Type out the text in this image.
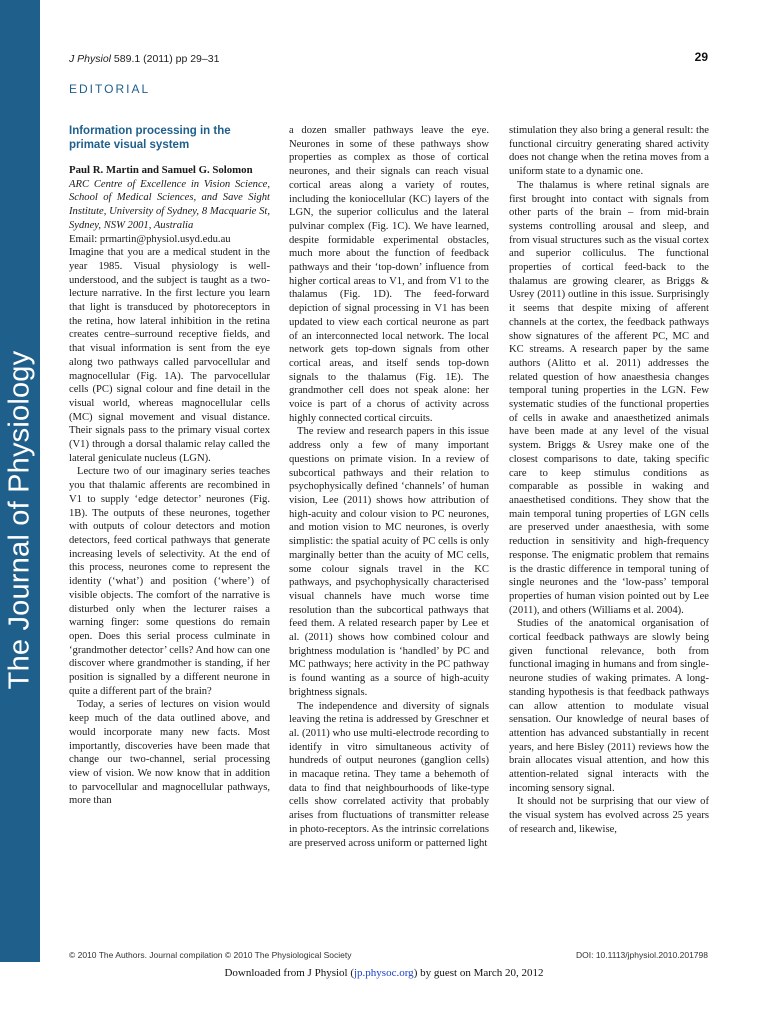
The Journal of Physiology
J Physiol 589.1 (2011) pp 29–31	29
EDITORIAL
Information processing in the primate visual system

Paul R. Martin and Samuel G. Solomon

ARC Centre of Excellence in Vision Science, School of Medical Sciences, and Save Sight Institute, University of Sydney, 8 Macquarie St, Sydney, NSW 2001, Australia

Email: prmartin@physiol.usyd.edu.au

Imagine that you are a medical student in the year 1985. Visual physiology is well-understood, and the subject is taught as a two-lecture narrative. In the first lecture you learn that light is transduced by photoreceptors in the retina, how lateral inhibition in the retina creates centre–surround receptive fields, and that visual information is sent from the eye along two pathways called parvocellular and magnocellular (Fig. 1A). The parvocellular cells (PC) signal colour and fine detail in the visual world, whereas magnocellular cells (MC) signal movement and visual distance. Their signals pass to the primary visual cortex (V1) through a dorsal thalamic relay called the lateral geniculate nucleus (LGN).

Lecture two of our imaginary series teaches you that thalamic afferents are recombined in V1 to supply ‘edge detector’ neurones (Fig. 1B). The outputs of these neurones, together with outputs of colour detectors and motion detectors, feed cortical pathways that generate increasing levels of selectivity. At the end of this process, neurones come to represent the identity (‘what’) and position (‘where’) of visible objects. The comfort of the narrative is disturbed only when the lecturer raises a warning finger: some questions do remain open. Does this serial process culminate in ‘grandmother detector’ cells? And how can one discover where grandmother is standing, if her position is signalled by a different neurone in quite a different part of the brain?

Today, a series of lectures on vision would keep much of the data outlined above, and would incorporate many new facts. Most importantly, discoveries have been made that change our two-channel, serial processing view of vision. We now know that in addition to parvocellular and magnocellular pathways, more than

a dozen smaller pathways leave the eye. Neurones in some of these pathways show properties as complex as those of cortical neurones, and their signals can reach visual cortical areas along a variety of routes, including the koniocellular (KC) layers of the LGN, the superior colliculus and the lateral pulvinar complex (Fig. 1C). We have learned, despite formidable experimental obstacles, much more about the function of feedback pathways and their ‘top-down’ influence from higher cortical areas to V1, and from V1 to the thalamus (Fig. 1D). The feed-forward depiction of signal processing in V1 has been updated to view each cortical neurone as part of an interconnected local network. The local network gets top-down signals from other cortical areas, and itself sends top-down signals to the thalamus (Fig. 1E). The grandmother cell does not speak alone: her voice is part of a chorus of activity across highly connected cortical circuits.

The review and research papers in this issue address only a few of many important questions on primate vision. In a review of subcortical pathways and their relation to psychophysically defined ‘channels’ of human vision, Lee (2011) shows how attribution of high-acuity and colour vision to PC neurones, and motion vision to MC neurones, is overly simplistic: the spatial acuity of PC cells is only marginally better than the acuity of MC cells, some colour signals travel in the KC pathways, and psychophysically characterised visual channels have much worse time resolution than the subcortical pathways that feed them. A related research paper by Lee et al. (2011) shows how combined colour and brightness modulation is ‘handled’ by PC and MC pathways; here activity in the PC pathway is found wanting as a source of high-acuity brightness signals.

The independence and diversity of signals leaving the retina is addressed by Greschner et al. (2011) who use multi-electrode recording to identify in vitro simultaneous activity of hundreds of output neurones (ganglion cells) in macaque retina. They tame a behemoth of data to find that neighbourhoods of like-type cells show correlated activity that probably arises from fluctuations of transmitter release in photo-receptors. As the intrinsic correlations are preserved across uniform or patterned light

stimulation they also bring a general result: the functional circuitry generating shared activity does not change when the retina moves from a uniform state to a dynamic one.

The thalamus is where retinal signals are first brought into contact with signals from other parts of the brain – from mid-brain systems controlling arousal and sleep, and from visual structures such as the visual cortex and superior colliculus. The functional properties of cortical feed-back to the thalamus are growing clearer, as Briggs & Usrey (2011) outline in this issue. Surprisingly it seems that despite mixing of afferent channels at the cortex, the feedback pathways show signatures of the afferent PC, MC and KC streams. A research paper by the same authors (Alitto et al. 2011) addresses the related question of how anaesthesia changes temporal tuning properties in the LGN. Few systematic studies of the functional properties of cells in awake and anaesthetized animals have been made at any level of the visual system. Briggs & Usrey make one of the closest comparisons to date, taking specific care to keep stimulus conditions as comparable as possible in waking and anaesthetised conditions. They show that the main temporal tuning properties of LGN cells are preserved under anaesthesia, with some reduction in sensitivity and high-frequency response. The enigmatic problem that remains is the drastic difference in temporal tuning of single neurones and the ‘low-pass’ temporal properties of human vision pointed out by Lee (2011), and others (Williams et al. 2004).

Studies of the anatomical organisation of cortical feedback pathways are slowly being given functional relevance, both from functional imaging in humans and from single-neurone studies of waking primates. A long-standing hypothesis is that feedback pathways can allow attention to modulate visual sensation. Our knowledge of neural bases of attention has advanced substantially in recent years, and here Bisley (2011) reviews how the brain allocates visual attention, and how this attention-related signal interacts with the incoming sensory signal.

It should not be surprising that our view of the visual system has evolved across 25 years of research and, likewise,

© 2010 The Authors. Journal compilation © 2010 The Physiological Society	DOI: 10.1113/jphysiol.2010.201798
Downloaded from J Physiol (jp.physoc.org) by guest on March 20, 2012
